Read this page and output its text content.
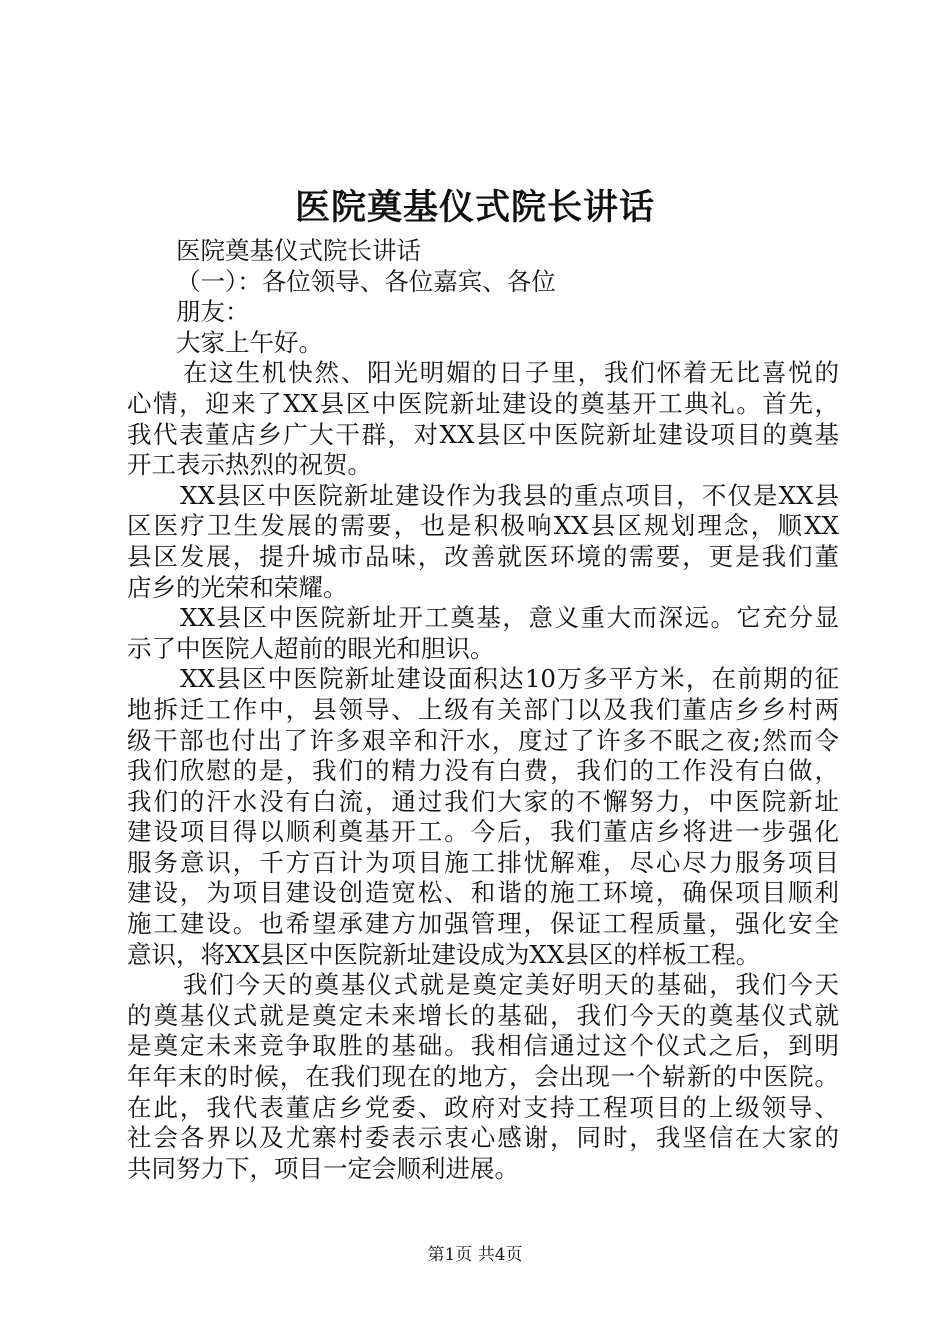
医院奠基仪式院长讲话
医院奠基仪式院长讲话
（一）：各位领导、各位嘉宾、各位
朋友：
大家上午好。
在这生机快然、阳光明媚的日子里，我们怀着无比喜悦的
心情，迎来了XX县区中医院新址建设的奠基开工典礼。首先，
我代表董店乡广大干群，对XX县区中医院新址建设项目的奠基
开工表示热烈的祝贺。
XX县区中医院新址建设作为我县的重点项目，不仅是XX县
区医疗卫生发展的需要，也是积极响XX县区规划理念，顺XX
县区发展，提升城市品味，改善就医环境的需要，更是我们董
店乡的光荣和荣耀。
XX县区中医院新址开工奠基，意义重大而深远。它充分显
示了中医院人超前的眼光和胆识。
XX县区中医院新址建设面积达10万多平方米，在前期的征
地拆迁工作中，县领导、上级有关部门以及我们董店乡乡村两
级干部也付出了许多艰辛和汗水，度过了许多不眠之夜;然而令
我们欣慰的是，我们的精力没有白费，我们的工作没有白做，
我们的汗水没有白流，通过我们大家的不懈努力，中医院新址
建设项目得以顺利奠基开工。今后，我们董店乡将进一步强化
服务意识，千方百计为项目施工排忧解难，尽心尽力服务项目
建设，为项目建设创造宽松、和谐的施工环境，确保项目顺利
施工建设。也希望承建方加强管理，保证工程质量，强化安全
意识，将XX县区中医院新址建设成为XX县区的样板工程。
我们今天的奠基仪式就是奠定美好明天的基础，我们今天
的奠基仪式就是奠定未来增长的基础，我们今天的奠基仪式就
是奠定未来竞争取胜的基础。我相信通过这个仪式之后，到明
年年末的时候，在我们现在的地方，会出现一个崭新的中医院。
在此，我代表董店乡党委、政府对支持工程项目的上级领导、
社会各界以及尤寨村委表示衷心感谢，同时，我坚信在大家的
共同努力下，项目一定会顺利进展。
第1页 共4页
